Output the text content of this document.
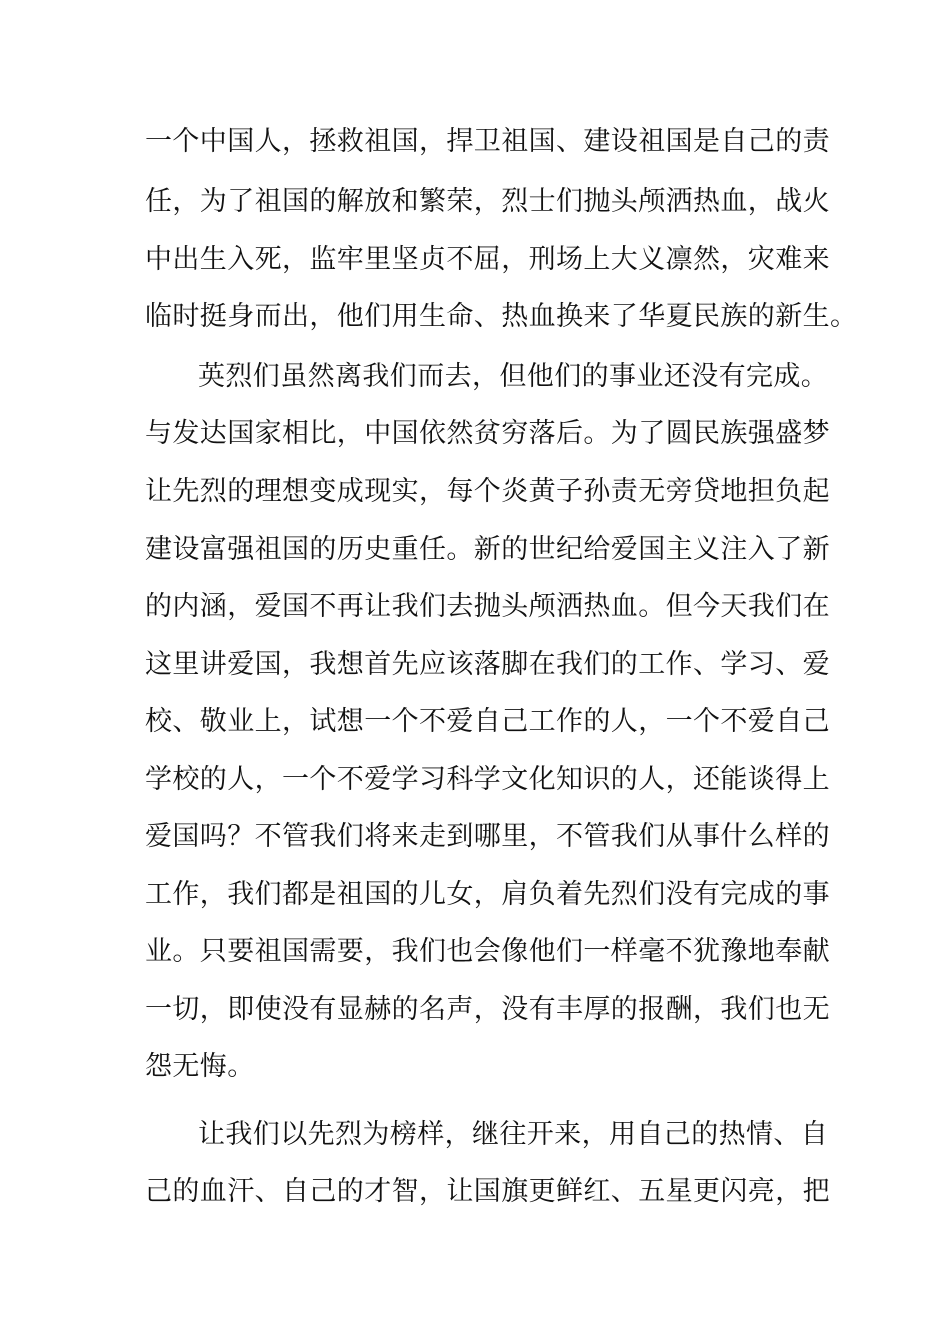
一个中国人，拯救祖国，捍卫祖国、建设祖国是自己的责
任，为了祖国的解放和繁荣，烈士们抛头颅洒热血，战火
中出生入死，监牢里坚贞不屈，刑场上大义凛然，灾难来
临时挺身而出，他们用生命、热血换来了华夏民族的新生。
英烈们虽然离我们而去，但他们的事业还没有完成。
与发达国家相比，中国依然贫穷落后。为了圆民族强盛梦
让先烈的理想变成现实，每个炎黄子孙责无旁贷地担负起
建设富强祖国的历史重任。新的世纪给爱国主义注入了新
的内涵，爱国不再让我们去抛头颅洒热血。但今天我们在
这里讲爱国，我想首先应该落脚在我们的工作、学习、爱
校、敬业上，试想一个不爱自己工作的人，一个不爱自己
学校的人，一个不爱学习科学文化知识的人，还能谈得上
爱国吗？不管我们将来走到哪里，不管我们从事什么样的
工作，我们都是祖国的儿女，肩负着先烈们没有完成的事
业。只要祖国需要，我们也会像他们一样毫不犹豫地奉献
一切，即使没有显赫的名声，没有丰厚的报酬，我们也无
怨无悔。
让我们以先烈为榜样，继往开来，用自己的热情、自
己的血汗、自己的才智，让国旗更鲜红、五星更闪亮，把
